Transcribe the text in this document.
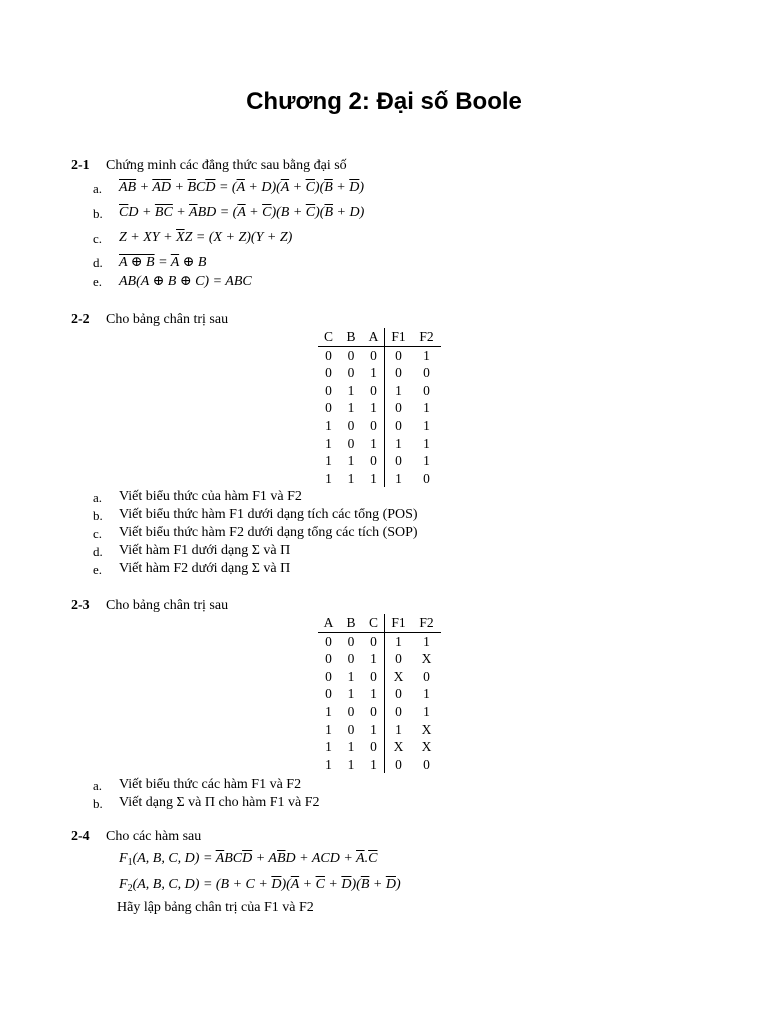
Chương 2: Đại số Boole
2-1 Chứng minh các đẳng thức sau bằng đại số
a. $\overline{AB} + \overline{A}\overline{D} + \overline{B}C\overline{D} = (\overline{A} + D)(\overline{A} + \overline{C})(\overline{B} + \overline{D})$
b. $\overline{C}D + \overline{BC} + \overline{A}BD = (\overline{A} + \overline{C})(B + \overline{C})(\overline{B} + D)$
c. Z + XY + $\overline{X}Z = (X + Z)(Y + Z)$
d. A ⊕ $B = \overline{A}$ ⊕ B
e. AB(A ⊕ B ⊕ C) = ABC
2-2 Cho bảng chân trị sau
C	B	A	F1	F2
0	0	0	0	1
0	0	1	0	0
0	1	0	1	0
0	1	1	0	1
1	0	0	0	1
1	0	1	1	1
1	1	0	0	1
1	1	1	1	0
a. Viết biểu thức của hàm F1 và F2
b. Viết biểu thức hàm F1 dưới dạng tích các tổng (POS)
c. Viết biểu thức hàm F2 dưới dạng tổng các tích (SOP)
d. Viết hàm F1 dưới dạng Σ và Π
e. Viết hàm F2 dưới dạng Σ và Π
2-3 Cho bảng chân trị sau
A	B	C	F1	F2
0	0	0	1	1
0	0	1	0	X
0	1	0	X	0
0	1	1	0	1
1	0	0	0	1
1	0	1	1	X
1	1	0	X	X
1	1	1	0	0
a. Viết biểu thức các hàm F1 và F2
b. Viết dạng Σ và Π cho hàm F1 và F2
2-4 Cho các hàm sau
$F_1(A$, B, C, $D) = \overline{A}BC\overline{D} + A\overline{B}D$ + ACD + $\overline{A}.\overline{C}$
$F_2(A$, B, C, $D) = (B + C + \overline{D})(\overline{A} + \overline{C} + \overline{D})(\overline{B} + \overline{D})$
Hãy lập bảng chân trị của F1 và F2
